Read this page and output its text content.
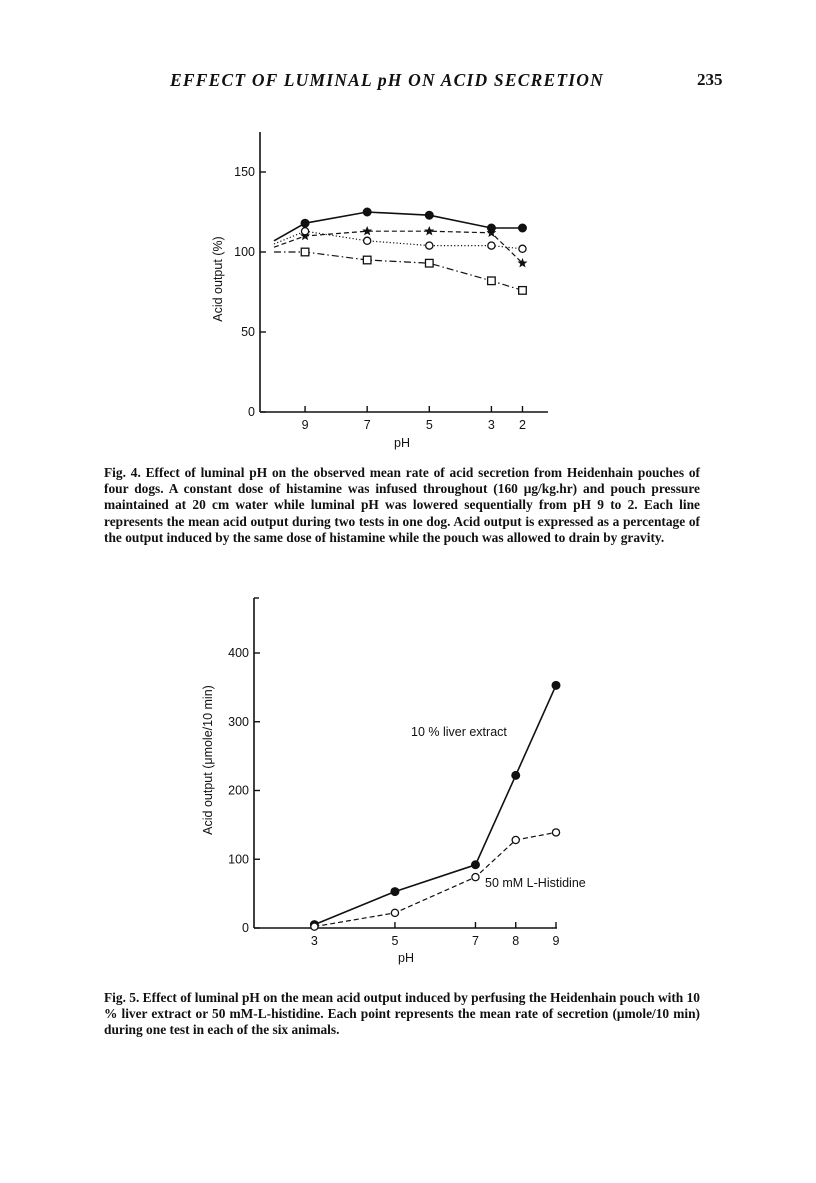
EFFECT OF LUMINAL pH ON ACID SECRETION	235
0
50
100
150
9	7	5	3 2
pH
Acid output (%)
Fig. 4. Effect of luminal pH on the observed mean rate of acid secretion from Heidenhain pouches of four dogs. A constant dose of histamine was infused throughout (160 μg/kg.hr) and pouch pressure maintained at 20 cm water while luminal pH was lowered sequentially from pH 9 to 2. Each line represents the mean acid output during two tests in one dog. Acid output is expressed as a percentage of the output induced by the same dose of histamine while the pouch was allowed to drain by gravity.
0
100
200
300
400
3	5	7	8	9
pH
Acid output (μmole/10 min)	10 % liver extract
50 mM L-Histidine
Fig. 5. Effect of luminal pH on the mean acid output induced by perfusing the Heidenhain pouch with 10 % liver extract or 50 mM-L-histidine. Each point represents the mean rate of secretion (μmole/10 min) during one test in each of the six animals.
